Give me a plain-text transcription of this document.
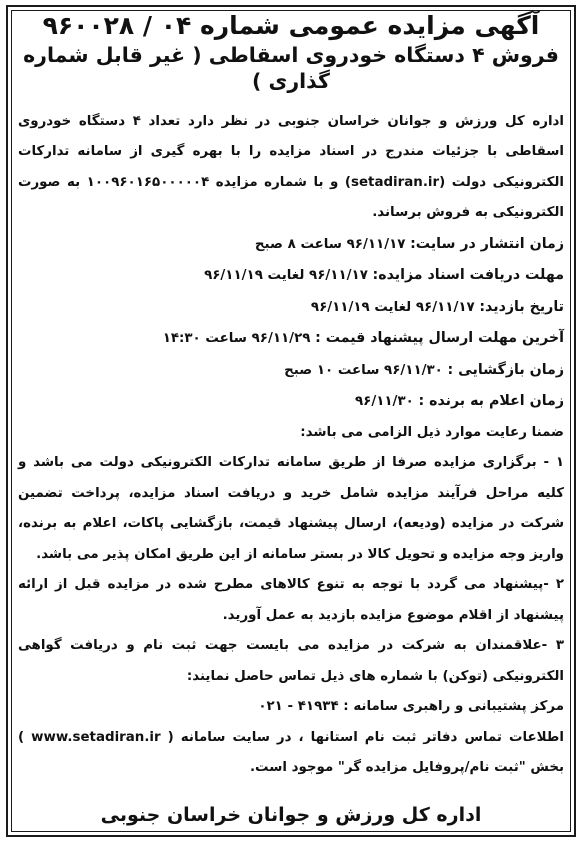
آگهی مزایده عمومی شماره ۰۴ / ۹۶۰۰۲۸
فروش ۴ دستگاه خودروی اسقاطی ( غیر قابل شماره گذاری )
اداره کل ورزش و جوانان خراسان جنوبی در نظر دارد تعداد ۴ دستگاه خودروی اسقاطی با جزئیات مندرج در اسناد مزایده را با بهره گیری از سامانه تدارکات الکترونیکی دولت (setadiran.ir) و با شماره مزایده ۱۰۰۹۶۰۱۶۵۰۰۰۰۰۴ به صورت الکترونیکی به فروش برساند.
زمان انتشار در سایت: ۹۶/۱۱/۱۷ ساعت ۸ صبح
مهلت دریافت اسناد مزایده: ۹۶/۱۱/۱۷ لغایت ۹۶/۱۱/۱۹
تاریخ بازدید: ۹۶/۱۱/۱۷ لغایت ۹۶/۱۱/۱۹
آخرین مهلت ارسال پیشنهاد قیمت : ۹۶/۱۱/۲۹ ساعت ۱۴:۳۰
زمان بازگشایی : ۹۶/۱۱/۳۰ ساعت ۱۰ صبح
زمان اعلام به برنده : ۹۶/۱۱/۳۰
ضمنا رعایت موارد ذیل الزامی می باشد:
۱ - برگزاری مزایده صرفا از طریق سامانه تدارکات الکترونیکی دولت می باشد و کلیه مراحل فرآیند مزایده شامل خرید و دریافت اسناد مزایده، پرداخت تضمین شرکت در مزایده (ودیعه)، ارسال پیشنهاد قیمت، بازگشایی پاکات، اعلام به برنده، واریز وجه مزایده و تحویل کالا در بستر سامانه از این طریق امکان پذیر می باشد.
۲ -پیشنهاد می گردد با توجه به تنوع کالاهای مطرح شده در مزایده قبل از ارائه پیشنهاد از اقلام موضوع مزایده بازدید به عمل آورید.
۳ -علاقمندان به شرکت در مزایده می بایست جهت ثبت نام و دریافت گواهی الکترونیکی (توکن) با شماره های ذیل تماس حاصل نمایند:
مرکز پشتیبانی و راهبری سامانه : ۴۱۹۳۴ - ۰۲۱
اطلاعات تماس دفاتر ثبت نام استانها ، در سایت سامانه ( www.setadiran.ir ) بخش "ثبت نام/پروفایل مزایده گر" موجود است.
اداره کل ورزش و جوانان خراسان جنوبی
